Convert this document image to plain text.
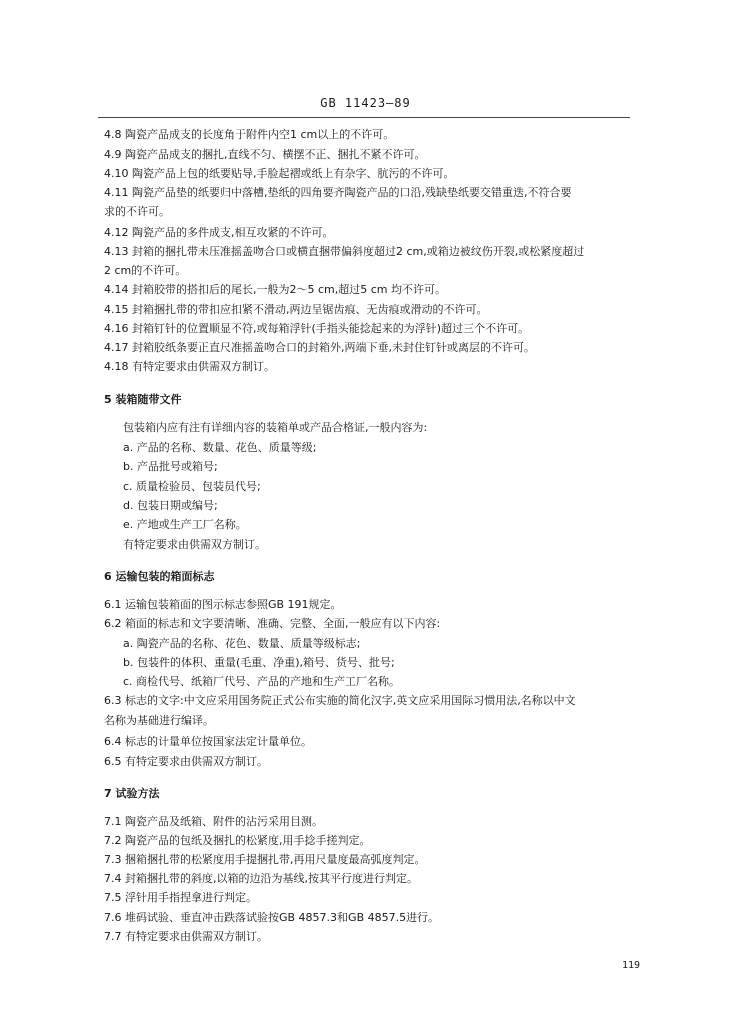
GB 11423—89
4.8 陶瓷产品成支的长度角于附件内空1 cm以上的不许可。
4.9 陶瓷产品成支的捆扎,直线不匀、横摆不正、捆扎不紧不许可。
4.10 陶瓷产品上包的纸要贴导,手脸起褶或纸上有杂字、肮污的不许可。
4.11 陶瓷产品垫的纸要归中落槽,垫纸的四角要齐陶瓷产品的口沿,残缺垫纸要交错重迭,不符合要
求的不许可。
4.12 陶瓷产品的多件成支,相互攻紧的不许可。
4.13 封箱的捆扎带未压准摇盖吻合口或横直捆带偏斜度超过2 cm,或箱边被纹伤开裂,或松紧度超过
2 cm的不许可。
4.14 封箱胶带的搭扣后的尾长,一般为2～5 cm,超过5 cm 均不许可。
4.15 封箱捆扎带的带扣应扣紧不滑动,两边呈锯齿痕、无齿痕或滑动的不许可。
4.16 封箱钉针的位置顺显不符,或每箱浮针(手指头能捻起来的为浮针)超过三个不许可。
4.17 封箱胶纸条要正直尺准摇盖吻合口的封箱外,两端下垂,未封住钉针或离层的不许可。
4.18 有特定要求由供需双方制订。
5 装箱随带文件
包装箱内应有注有详细内容的装箱单或产品合格证,一般内容为:
a. 产品的名称、数量、花色、质量等级;
b. 产品批号或箱号;
c. 质量检验员、包装员代号;
d. 包装日期或编号;
e. 产地或生产工厂名称。
有特定要求由供需双方制订。
6 运输包装的箱面标志
6.1 运输包装箱面的图示标志参照GB 191规定。
6.2 箱面的标志和文字要清晰、准确、完整、全面,一般应有以下内容:
a. 陶瓷产品的名称、花色、数量、质量等级标志;
b. 包装件的体积、重量(毛重、净重),箱号、货号、批号;
c. 商检代号、纸箱厂代号、产品的产地和生产工厂名称。
6.3 标志的文字:中文应采用国务院正式公布实施的简化汉字,英文应采用国际习惯用法,名称以中文
名称为基础进行编译。
6.4 标志的计量单位按国家法定计量单位。
6.5 有特定要求由供需双方制订。
7 试验方法
7.1 陶瓷产品及纸箱、附件的沾污采用目测。
7.2 陶瓷产品的包纸及捆扎的松紧度,用手捻手搓判定。
7.3 捆箱捆扎带的松紧度用手提捆扎带,再用尺量度最高弧度判定。
7.4 封箱捆扎带的斜度,以箱的边沿为基线,按其平行度进行判定。
7.5 浮针用手指捏拿进行判定。
7.6 堆码试验、垂直冲击跌落试验按GB 4857.3和GB 4857.5进行。
7.7 有特定要求由供需双方制订。
119
